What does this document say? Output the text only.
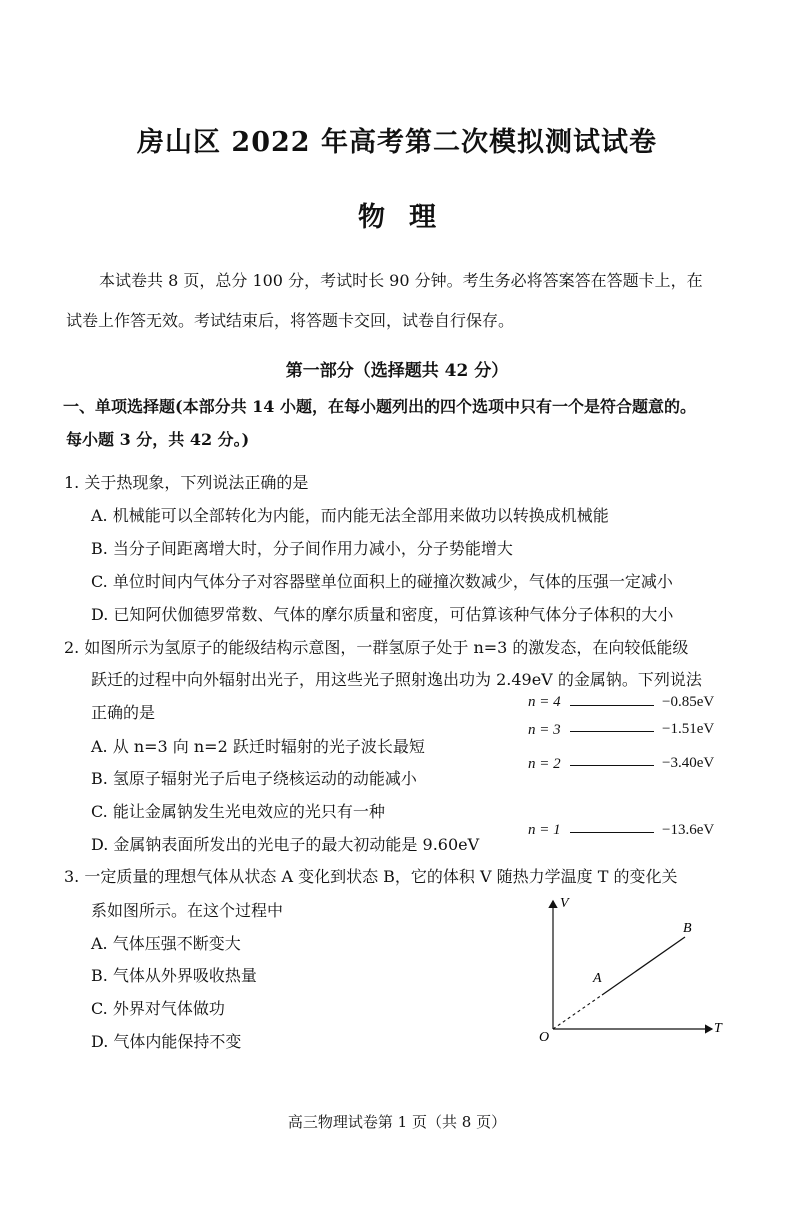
房山区 2022 年高考第二次模拟测试试卷
物理
本试卷共 8 页，总分 100 分，考试时长 90 分钟。考生务必将答案答在答题卡上，在
试卷上作答无效。考试结束后，将答题卡交回，试卷自行保存。
第一部分（选择题共 42 分）
一、单项选择题(本部分共 14 小题，在每小题列出的四个选项中只有一个是符合题意的。
每小题 3 分，共 42 分。)
1. 关于热现象，下列说法正确的是
A. 机械能可以全部转化为内能，而内能无法全部用来做功以转换成机械能
B. 当分子间距离增大时，分子间作用力减小，分子势能增大
C. 单位时间内气体分子对容器壁单位面积上的碰撞次数减少，气体的压强一定减小
D. 已知阿伏伽德罗常数、气体的摩尔质量和密度，可估算该种气体分子体积的大小
2. 如图所示为氢原子的能级结构示意图，一群氢原子处于 n=3 的激发态，在向较低能级
跃迁的过程中向外辐射出光子，用这些光子照射逸出功为 2.49eV 的金属钠。下列说法
正确的是
A. 从 n=3 向 n=2 跃迁时辐射的光子波长最短
B. 氢原子辐射光子后电子绕核运动的动能减小
C. 能让金属钠发生光电效应的光只有一种
D. 金属钠表面所发出的光电子的最大初动能是 9.60eV
n = 4	−0.85eV
n = 3	−1.51eV
n = 2	−3.40eV
n = 1	−13.6eV
3. 一定质量的理想气体从状态 A 变化到状态 B，它的体积 V 随热力学温度 T 的变化关
系如图所示。在这个过程中
A. 气体压强不断变大
B. 气体从外界吸收热量
C. 外界对气体做功
D. 气体内能保持不变
V
T
O
A
B
高三物理试卷第 1 页（共 8 页）
